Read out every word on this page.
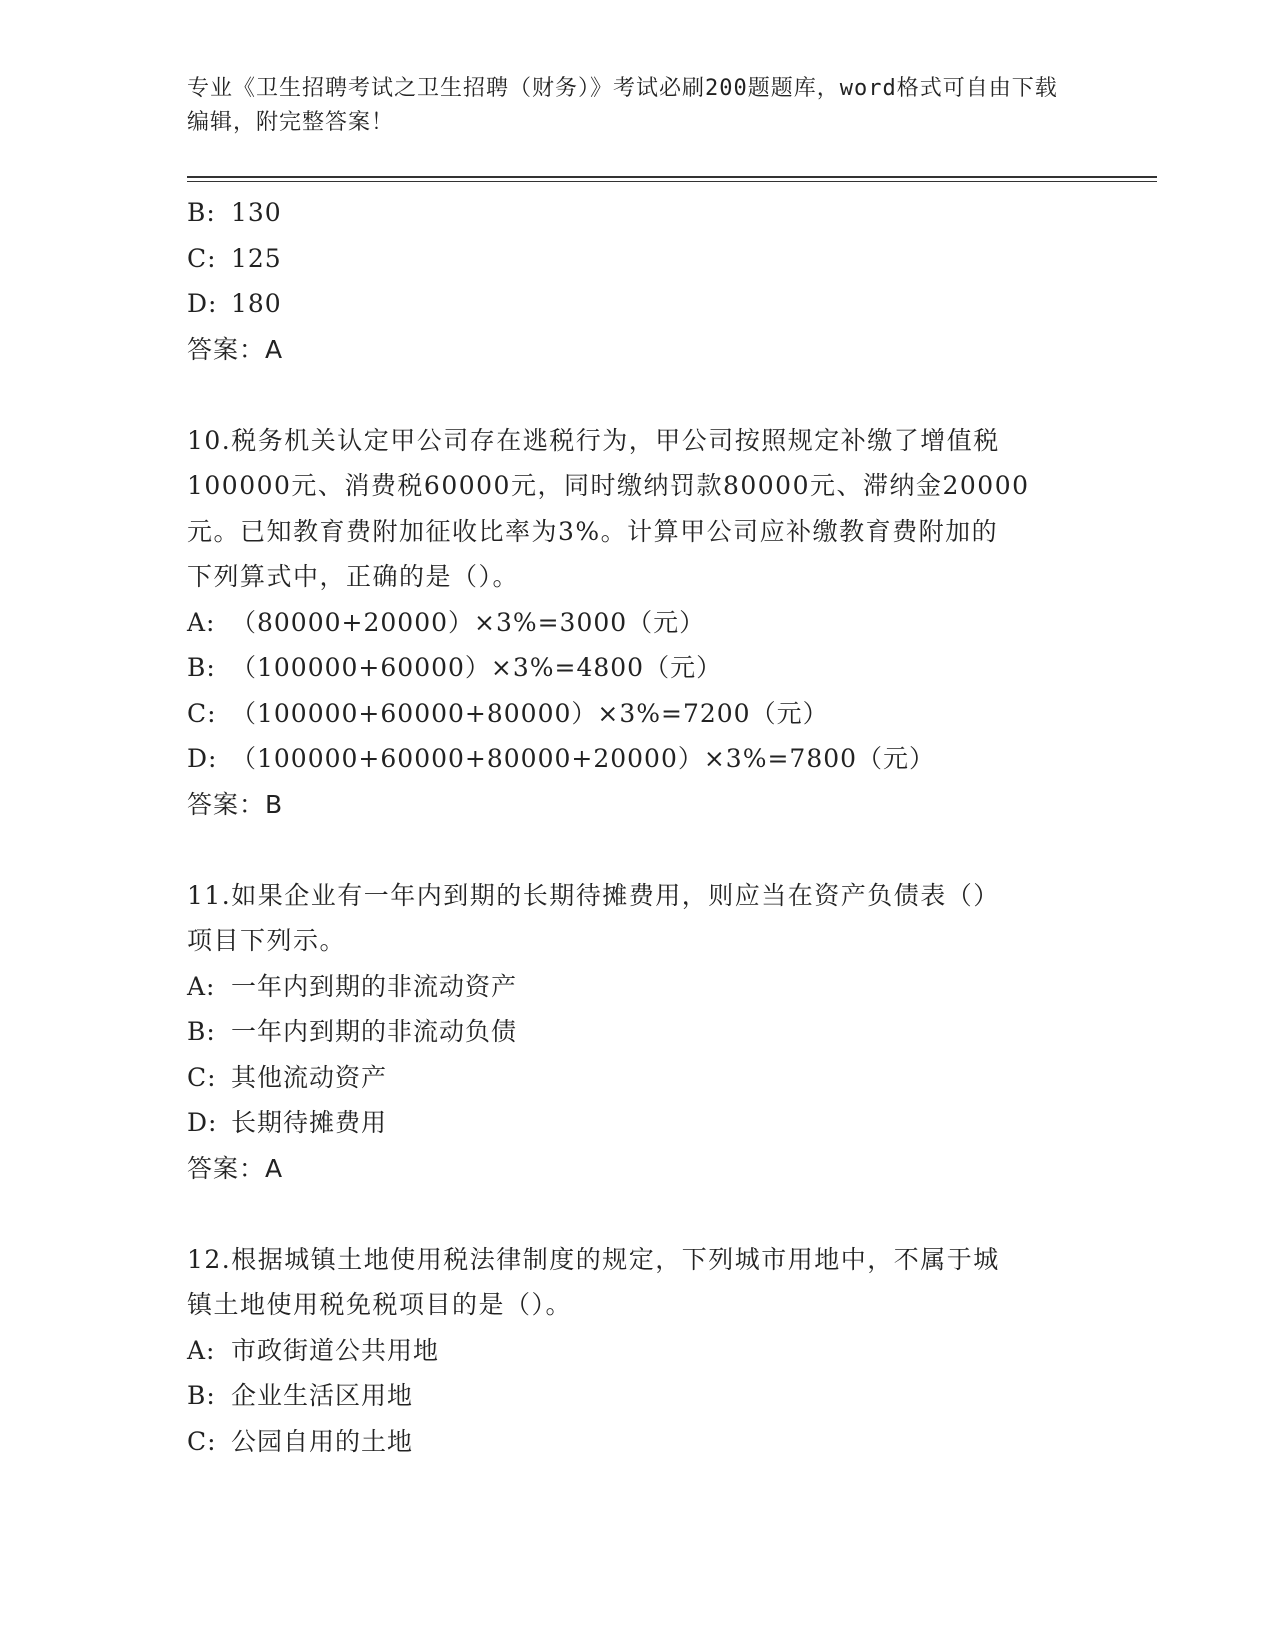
专业《卫生招聘考试之卫生招聘（财务）》考试必刷200题题库，word格式可自由下载编辑，附完整答案！
B: 130
C: 125
D: 180
答案：A
10.税务机关认定甲公司存在逃税行为，甲公司按照规定补缴了增值税
100000元、消费税60000元，同时缴纳罚款80000元、滞纳金20000
元。已知教育费附加征收比率为3%。计算甲公司应补缴教育费附加的
下列算式中，正确的是（）。
A: （80000+20000）×3%=3000（元）
B: （100000+60000）×3%=4800（元）
C: （100000+60000+80000）×3%=7200（元）
D: （100000+60000+80000+20000）×3%=7800（元）
答案：B
11.如果企业有一年内到期的长期待摊费用，则应当在资产负债表（）
项目下列示。
A: 一年内到期的非流动资产
B: 一年内到期的非流动负债
C: 其他流动资产
D: 长期待摊费用
答案：A
12.根据城镇土地使用税法律制度的规定，下列城市用地中，不属于城
镇土地使用税免税项目的是（）。
A: 市政街道公共用地
B: 企业生活区用地
C: 公园自用的土地
